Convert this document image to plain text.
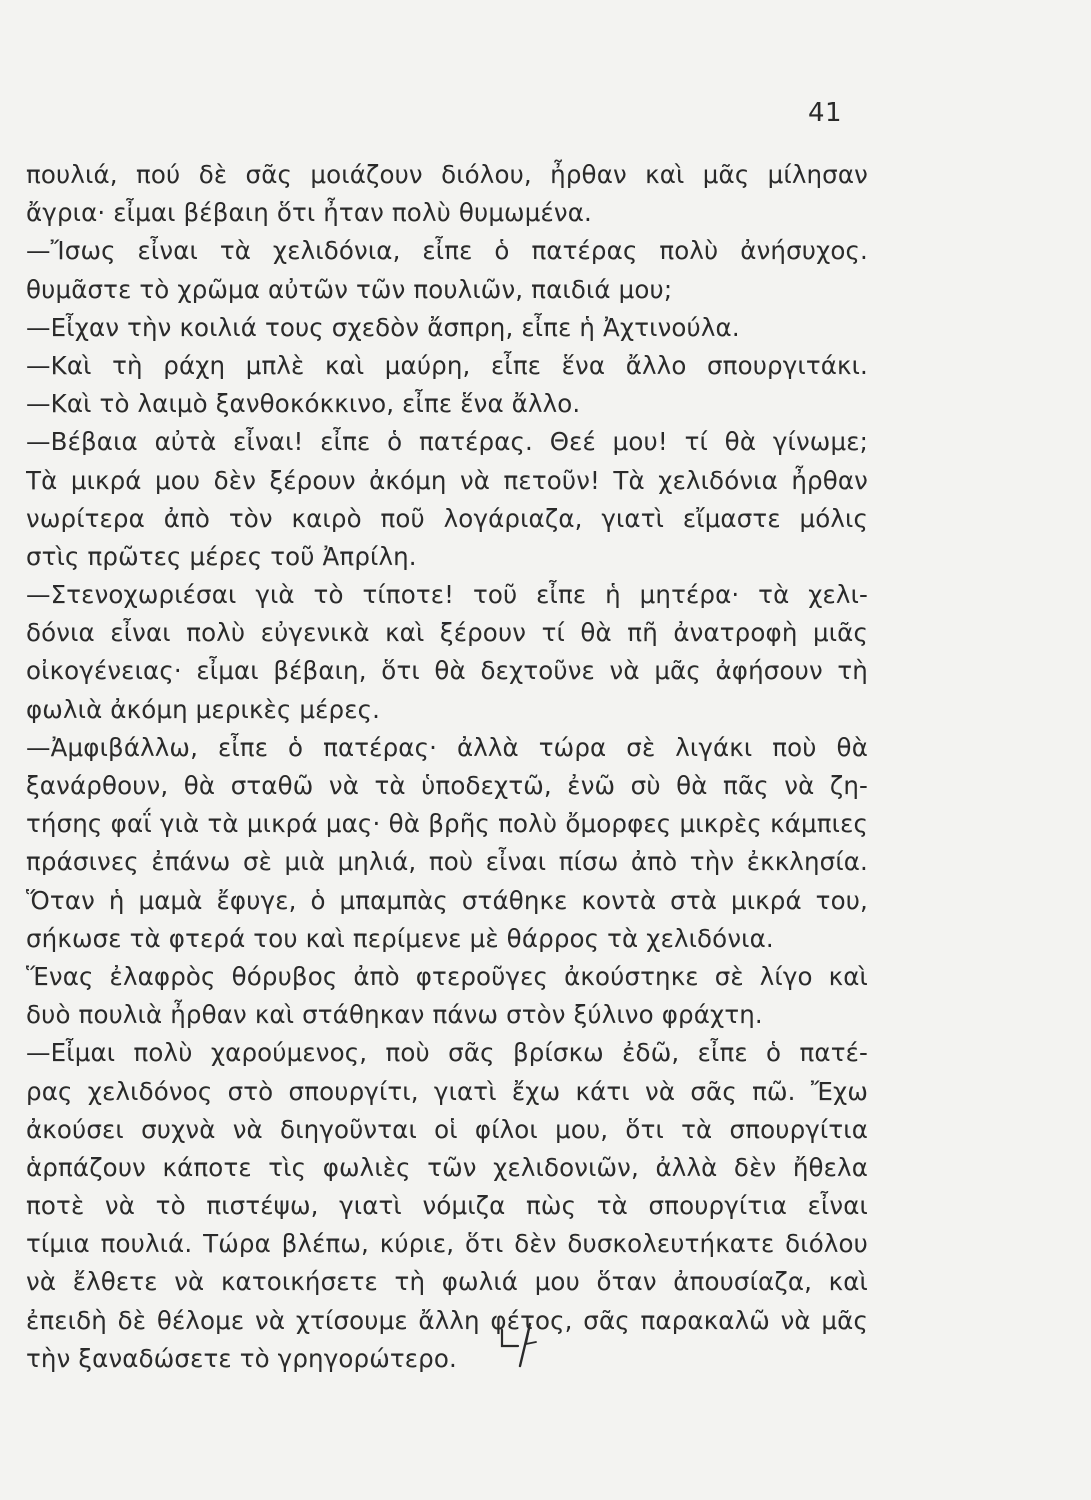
41
πουλιά, πού δὲ σᾶς μοιάζουν διόλου, ἦρθαν καὶ μᾶς μίλησαν
ἄγρια· εἶμαι βέβαιη ὅτι ἦταν πολὺ θυμωμένα.
—Ἴσως εἶναι τὰ χελιδόνια, εἶπε ὁ πατέρας πολὺ ἀνήσυχος.
θυμᾶστε τὸ χρῶμα αὐτῶν τῶν πουλιῶν, παιδιά μου;
—Εἶχαν τὴν κοιλιά τους σχεδὸν ἄσπρη, εἶπε ἡ Ἀχτινούλα.
—Καὶ τὴ ράχη μπλὲ καὶ μαύρη, εἶπε ἕνα ἄλλο σπουργιτάκι.
—Καὶ τὸ λαιμὸ ξανθοκόκκινο, εἶπε ἕνα ἄλλο.
—Βέβαια αὐτὰ εἶναι! εἶπε ὁ πατέρας. Θεέ μου! τί θὰ γίνωμε;
Τὰ μικρά μου δὲν ξέρουν ἀκόμη νὰ πετοῦν! Τὰ χελιδόνια ἦρθαν
νωρίτερα ἀπὸ τὸν καιρὸ ποῦ λογάριαζα, γιατὶ εἴμαστε μόλις
στὶς πρῶτες μέρες τοῦ Ἀπρίλη.
—Στενοχωριέσαι γιὰ τὸ τίποτε! τοῦ εἶπε ἡ μητέρα· τὰ χελι-
δόνια εἶναι πολὺ εὐγενικὰ καὶ ξέρουν τί θὰ πῆ ἀνατροφὴ μιᾶς
οἰκογένειας· εἶμαι βέβαιη, ὅτι θὰ δεχτοῦνε νὰ μᾶς ἀφήσουν τὴ
φωλιὰ ἀκόμη μερικὲς μέρες.
—Ἀμφιβάλλω, εἶπε ὁ πατέρας· ἀλλὰ τώρα σὲ λιγάκι ποὺ θὰ
ξανάρθουν, θὰ σταθῶ νὰ τὰ ὑποδεχτῶ, ἐνῶ σὺ θὰ πᾶς νὰ ζη-
τήσης φαΐ γιὰ τὰ μικρά μας· θὰ βρῆς πολὺ ὄμορφες μικρὲς κάμπιες
πράσινες ἐπάνω σὲ μιὰ μηλιά, ποὺ εἶναι πίσω ἀπὸ τὴν ἐκκλησία.
Ὅταν ἡ μαμὰ ἔφυγε, ὁ μπαμπὰς στάθηκε κοντὰ στὰ μικρά του,
σήκωσε τὰ φτερά του καὶ περίμενε μὲ θάρρος τὰ χελιδόνια.
Ἕνας ἐλαφρὸς θόρυβος ἀπὸ φτεροῦγες ἀκούστηκε σὲ λίγο καὶ
δυὸ πουλιὰ ἦρθαν καὶ στάθηκαν πάνω στὸν ξύλινο φράχτη.
—Εἶμαι πολὺ χαρούμενος, ποὺ σᾶς βρίσκω ἐδῶ, εἶπε ὁ πατέ-
ρας χελιδόνος στὸ σπουργίτι, γιατὶ ἔχω κάτι νὰ σᾶς πῶ. Ἔχω
ἀκούσει συχνὰ νὰ διηγοῦνται οἱ φίλοι μου, ὅτι τὰ σπουργίτια
ἁρπάζουν κάποτε τὶς φωλιὲς τῶν χελιδονιῶν, ἀλλὰ δὲν ἤθελα
ποτὲ νὰ τὸ πιστέψω, γιατὶ νόμιζα πὼς τὰ σπουργίτια εἶναι
τίμια πουλιά. Τώρα βλέπω, κύριε, ὅτι δὲν δυσκολευτήκατε διόλου
νὰ ἔλθετε νὰ κατοικήσετε τὴ φωλιά μου ὅταν ἀπουσίαζα, καὶ
ἐπειδὴ δὲ θέλομε νὰ χτίσουμε ἄλλη φέτος, σᾶς παρακαλῶ νὰ μᾶς
τὴν ξαναδώσετε τὸ γρηγορώτερο.
